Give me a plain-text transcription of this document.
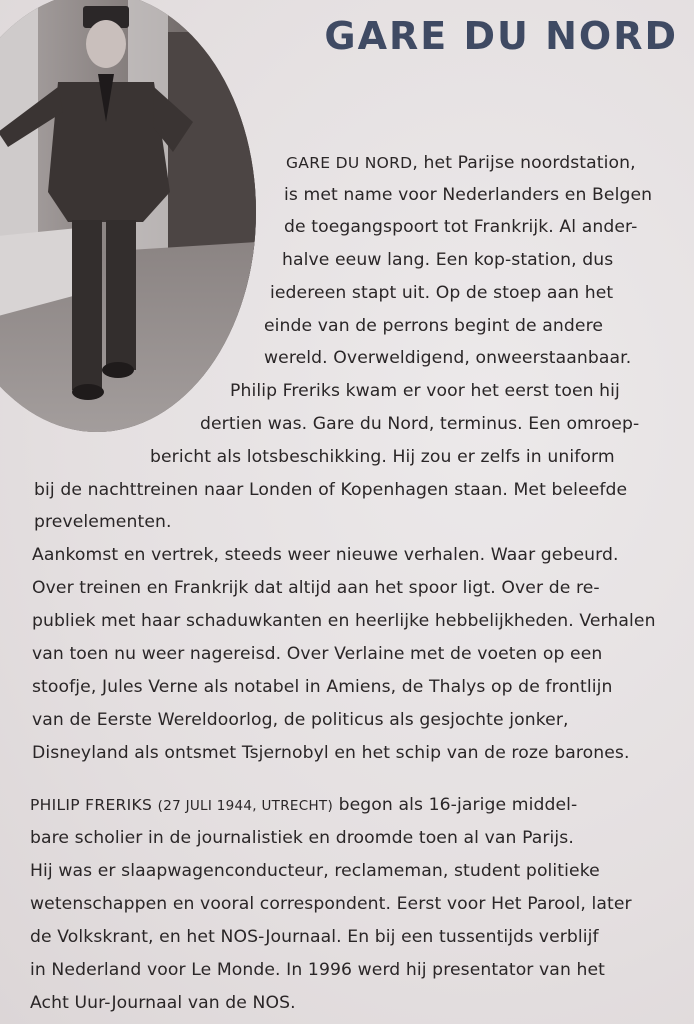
GARE DU NORD
GARE DU NORD, het Parijse noordstation,
is met name voor Nederlanders en Belgen
de toegangspoort tot Frankrijk. Al ander-
halve eeuw lang. Een kop-station, dus
iedereen stapt uit. Op de stoep aan het
einde van de perrons begint de andere
wereld. Overweldigend, onweerstaanbaar.
Philip Freriks kwam er voor het eerst toen hij
dertien was. Gare du Nord, terminus. Een omroep-
bericht als lotsbeschikking. Hij zou er zelfs in uniform
bij de nachttreinen naar Londen of Kopenhagen staan. Met beleefde
prevelementen.
Aankomst en vertrek, steeds weer nieuwe verhalen. Waar gebeurd.
Over treinen en Frankrijk dat altijd aan het spoor ligt. Over de re-
publiek met haar schaduwkanten en heerlijke hebbelijkheden. Verhalen
van toen nu weer nagereisd. Over Verlaine met de voeten op een
stoofje, Jules Verne als notabel in Amiens, de Thalys op de frontlijn
van de Eerste Wereldoorlog, de politicus als gesjochte jonker,
Disneyland als ontsmet Tsjernobyl en het schip van de roze barones.
PHILIP FRERIKS (27 JULI 1944, UTRECHT) begon als 16-jarige middel-
bare scholier in de journalistiek en droomde toen al van Parijs.
Hij was er slaapwagenconducteur, reclameman, student politieke
wetenschappen en vooral correspondent. Eerst voor Het Parool, later
de Volkskrant, en het NOS-Journaal. En bij een tussentijds verblijf
in Nederland voor Le Monde. In 1996 werd hij presentator van het
Acht Uur-Journaal van de NOS.
